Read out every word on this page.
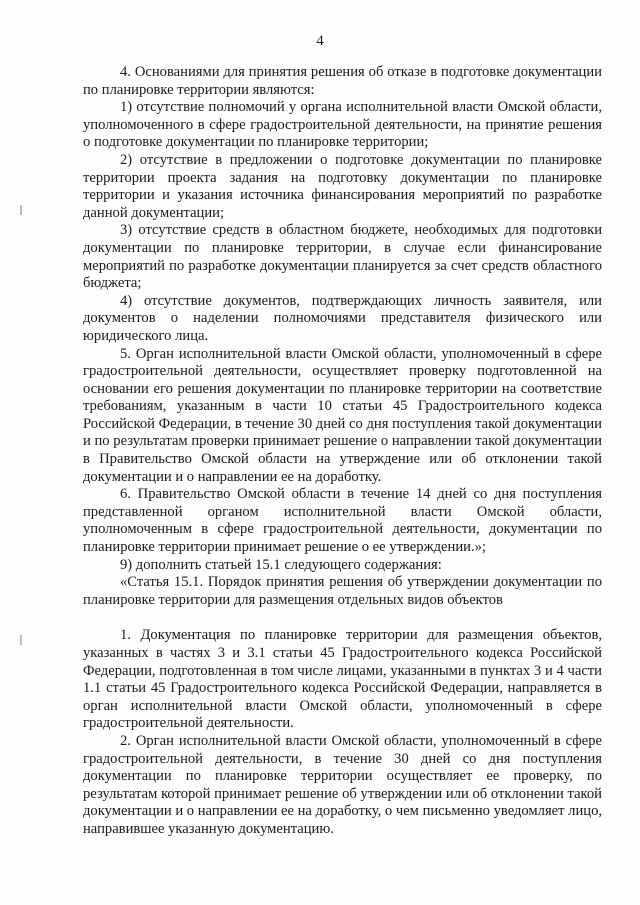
4

4. Основаниями для принятия решения об отказе в подготовке документации по планировке территории являются:

1) отсутствие полномочий у органа исполнительной власти Омской области, уполномоченного в сфере градостроительной деятельности, на принятие решения о подготовке документации по планировке территории;

2) отсутствие в предложении о подготовке документации по планировке территории проекта задания на подготовку документации по планировке территории и указания источника финансирования мероприятий по разработке данной документации;

3) отсутствие средств в областном бюджете, необходимых для подготовки документации по планировке территории, в случае если финансирование мероприятий по разработке документации планируется за счет средств областного бюджета;

4) отсутствие документов, подтверждающих личность заявителя, или документов о наделении полномочиями представителя физического или юридического лица.

5. Орган исполнительной власти Омской области, уполномоченный в сфере градостроительной деятельности, осуществляет проверку подготовленной на основании его решения документации по планировке территории на соответствие требованиям, указанным в части 10 статьи 45 Градостроительного кодекса Российской Федерации, в течение 30 дней со дня поступления такой документации и по результатам проверки принимает решение о направлении такой документации в Правительство Омской области на утверждение или об отклонении такой документации и о направлении ее на доработку.

6. Правительство Омской области в течение 14 дней со дня поступления представленной органом исполнительной власти Омской области, уполномоченным в сфере градостроительной деятельности, документации по планировке территории принимает решение о ее утверждении.»;

9) дополнить статьей 15.1 следующего содержания:

«Статья 15.1. Порядок принятия решения об утверждении документации по планировке территории для размещения отдельных видов объектов

1. Документация по планировке территории для размещения объектов, указанных в частях 3 и 3.1 статьи 45 Градостроительного кодекса Российской Федерации, подготовленная в том числе лицами, указанными в пунктах 3 и 4 части 1.1 статьи 45 Градостроительного кодекса Российской Федерации, направляется в орган исполнительной власти Омской области, уполномоченный в сфере градостроительной деятельности.

2. Орган исполнительной власти Омской области, уполномоченный в сфере градостроительной деятельности, в течение 30 дней со дня поступления документации по планировке территории осуществляет ее проверку, по результатам которой принимает решение об утверждении или об отклонении такой документации и о направлении ее на доработку, о чем письменно уведомляет лицо, направившее указанную документацию.
